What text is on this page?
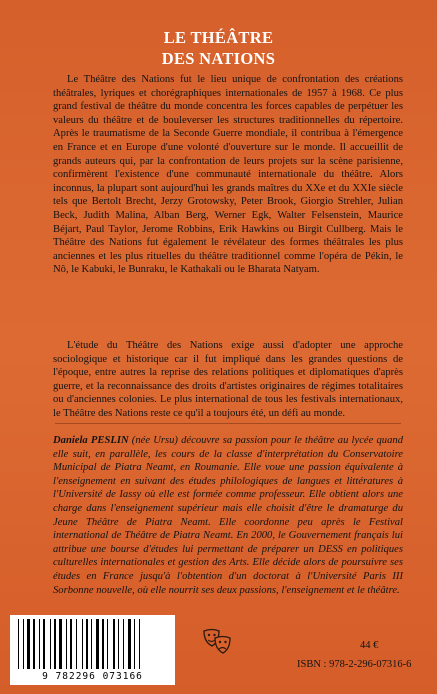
LE THÉÂTRE
DES NATIONS

Le Théâtre des Nations fut le lieu unique de confrontation des créations théâtrales, lyriques et chorégraphiques internationales de 1957 à 1968. Ce plus grand festival de théâtre du monde concentra les forces capables de perpétuer les valeurs du théâtre et de bouleverser les structures traditionnelles du répertoire. Après le traumatisme de la Seconde Guerre mondiale, il contribua à l'émergence en France et en Europe d'une volonté d'ouverture sur le monde. Il accueillit de grands auteurs qui, par la confrontation de leurs projets sur la scène parisienne, confirmèrent l'existence d'une communauté internationale du théâtre. Alors inconnus, la plupart sont aujourd'hui les grands maîtres du XXe et du XXIe siècle tels que Bertolt Brecht, Jerzy Grotowsky, Peter Brook, Giorgio Strehler, Julian Beck, Judith Malina, Alban Berg, Werner Egk, Walter Felsenstein, Maurice Béjart, Paul Taylor, Jerome Robbins, Erik Hawkins ou Birgit Cullberg. Mais le Théâtre des Nations fut également le révélateur des formes théâtrales les plus anciennes et les plus rituelles du théâtre traditionnel comme l'opéra de Pékin, le Nô, le Kabuki, le Bunraku, le Kathakali ou le Bharata Natyam.

L'étude du Théâtre des Nations exige aussi d'adopter une approche sociologique et historique car il fut impliqué dans les grandes questions de l'époque, entre autres la reprise des relations politiques et diplomatiques d'après guerre, et la reconnaissance des droits d'artistes originaires de régimes totalitaires ou d'anciennes colonies. Le plus international de tous les festivals internationaux, le Théâtre des Nations reste ce qu'il a toujours été, un défi au monde.

Daniela PESLIN (née Ursu) découvre sa passion pour le théâtre au lycée quand elle suit, en parallèle, les cours de la classe d'interprétation du Conservatoire Municipal de Piatra Neamt, en Roumanie. Elle voue une passion équivalente à l'enseignement en suivant des études philologiques de langues et littératures à l'Université de Iassy où elle est formée comme professeur. Elle obtient alors une charge dans l'enseignement supérieur mais elle choisit d'être le dramaturge du Jeune Théâtre de Piatra Neamt. Elle coordonne peu après le Festival international de Théâtre de Piatra Neamt. En 2000, le Gouvernement français lui attribue une bourse d'études lui permettant de préparer un DESS en politiques culturelles internationales et gestion des Arts. Elle décide alors de poursuivre ses études en France jusqu'à l'obtention d'un doctorat à l'Université Paris III Sorbonne nouvelle, où elle nourrit ses deux passions, l'enseignement et le théâtre.

9 782296 073166
44 €
ISBN : 978-2-296-07316-6
